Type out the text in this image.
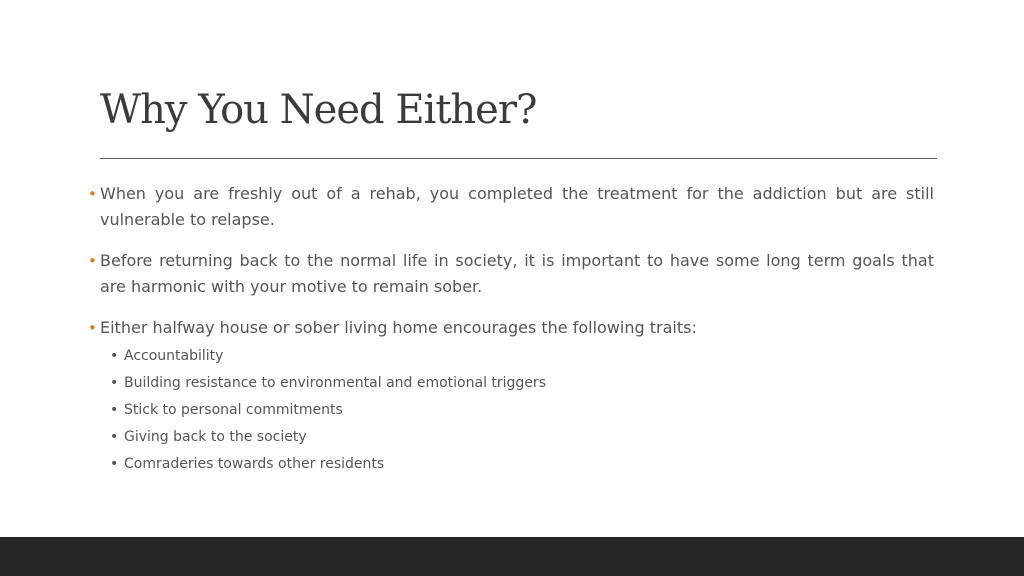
Why You Need Either?
• When you are freshly out of a rehab, you completed the treatment for the addiction but are still vulnerable to relapse.
• Before returning back to the normal life in society, it is important to have some long term goals that are harmonic with your motive to remain sober.
• Either halfway house or sober living home encourages the following traits:
• Accountability
• Building resistance to environmental and emotional triggers
• Stick to personal commitments
• Giving back to the society
• Comraderies towards other residents
